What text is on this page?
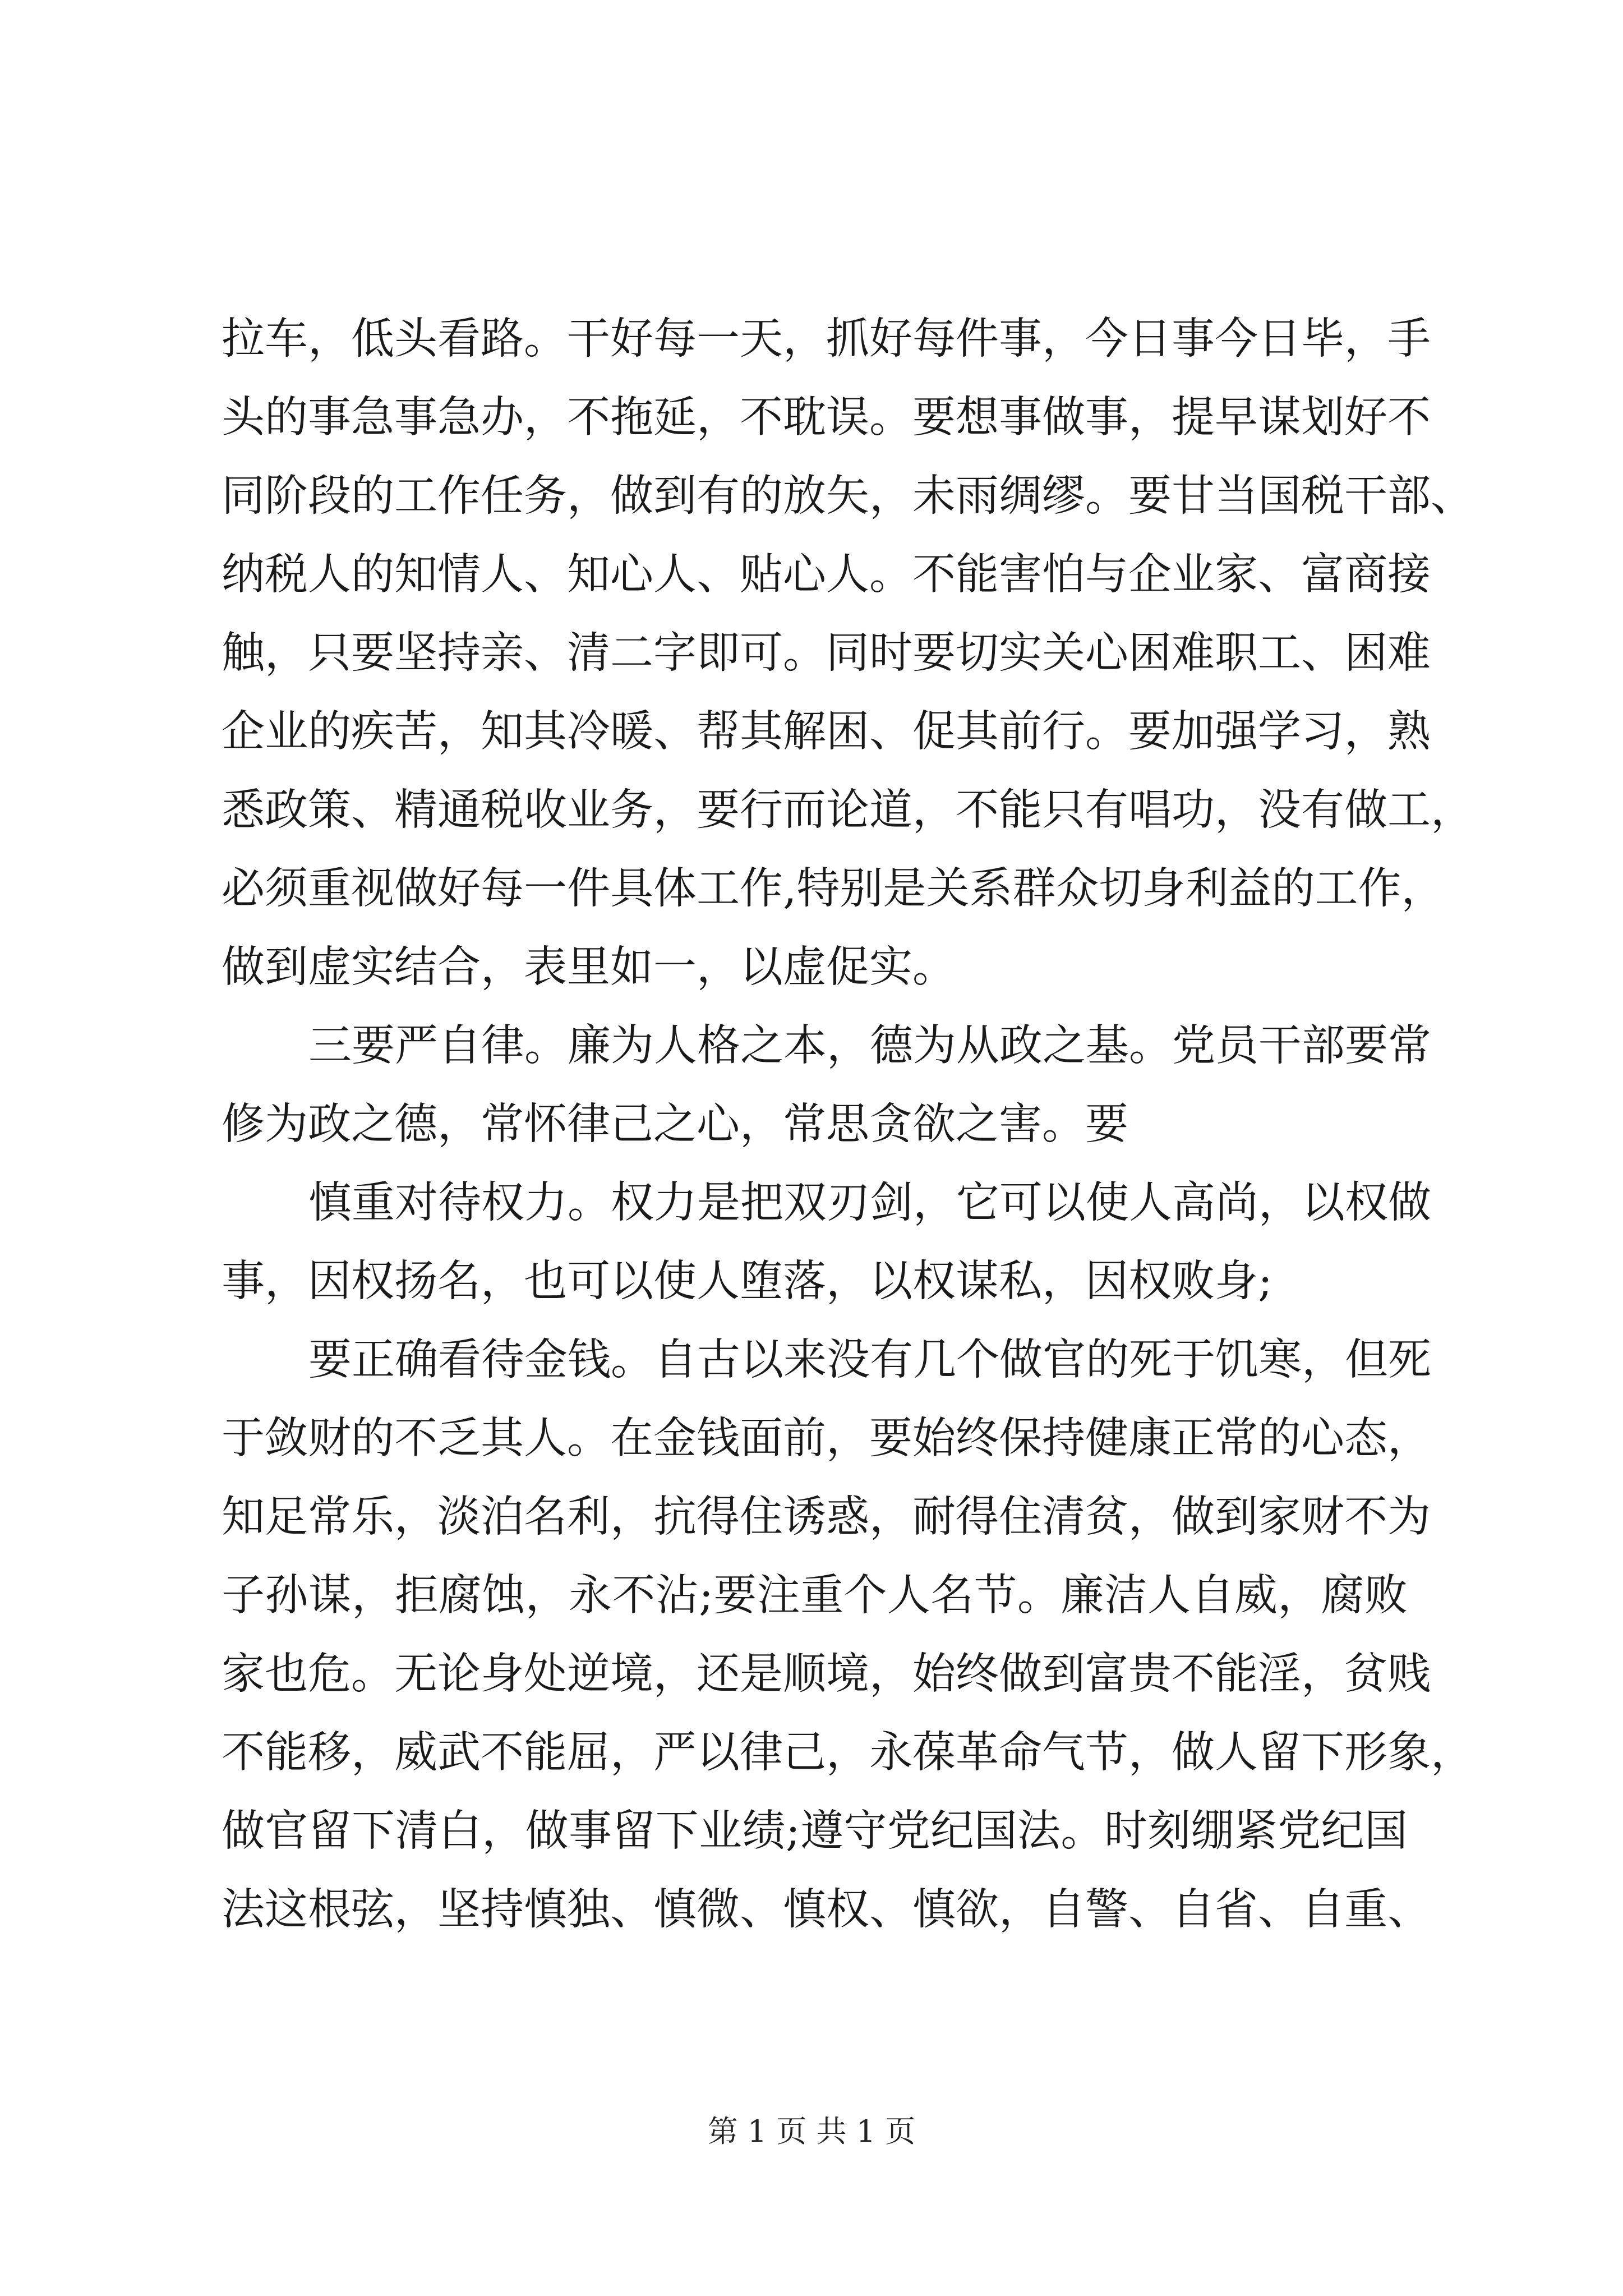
拉车，低头看路。干好每一天，抓好每件事，今日事今日毕，手
头的事急事急办，不拖延，不耽误。要想事做事，提早谋划好不
同阶段的工作任务，做到有的放矢，未雨绸缪。要甘当国税干部、
纳税人的知情人、知心人、贴心人。不能害怕与企业家、富商接
触，只要坚持亲、清二字即可。同时要切实关心困难职工、困难
企业的疾苦，知其冷暖、帮其解困、促其前行。要加强学习，熟
悉政策、精通税收业务，要行而论道，不能只有唱功，没有做工，
必须重视做好每一件具体工作,特别是关系群众切身利益的工作，
做到虚实结合，表里如一，以虚促实。
三要严自律。廉为人格之本，德为从政之基。党员干部要常
修为政之德，常怀律己之心，常思贪欲之害。要
慎重对待权力。权力是把双刃剑，它可以使人高尚，以权做
事，因权扬名，也可以使人堕落，以权谋私，因权败身;
要正确看待金钱。自古以来没有几个做官的死于饥寒，但死
于敛财的不乏其人。在金钱面前，要始终保持健康正常的心态，
知足常乐，淡泊名利，抗得住诱惑，耐得住清贫，做到家财不为
子孙谋，拒腐蚀，永不沾;要注重个人名节。廉洁人自威，腐败
家也危。无论身处逆境，还是顺境，始终做到富贵不能淫，贫贱
不能移，威武不能屈，严以律己，永葆革命气节，做人留下形象，
做官留下清白，做事留下业绩;遵守党纪国法。时刻绷紧党纪国
法这根弦，坚持慎独、慎微、慎权、慎欲，自警、自省、自重、
第 1 页 共 1 页
